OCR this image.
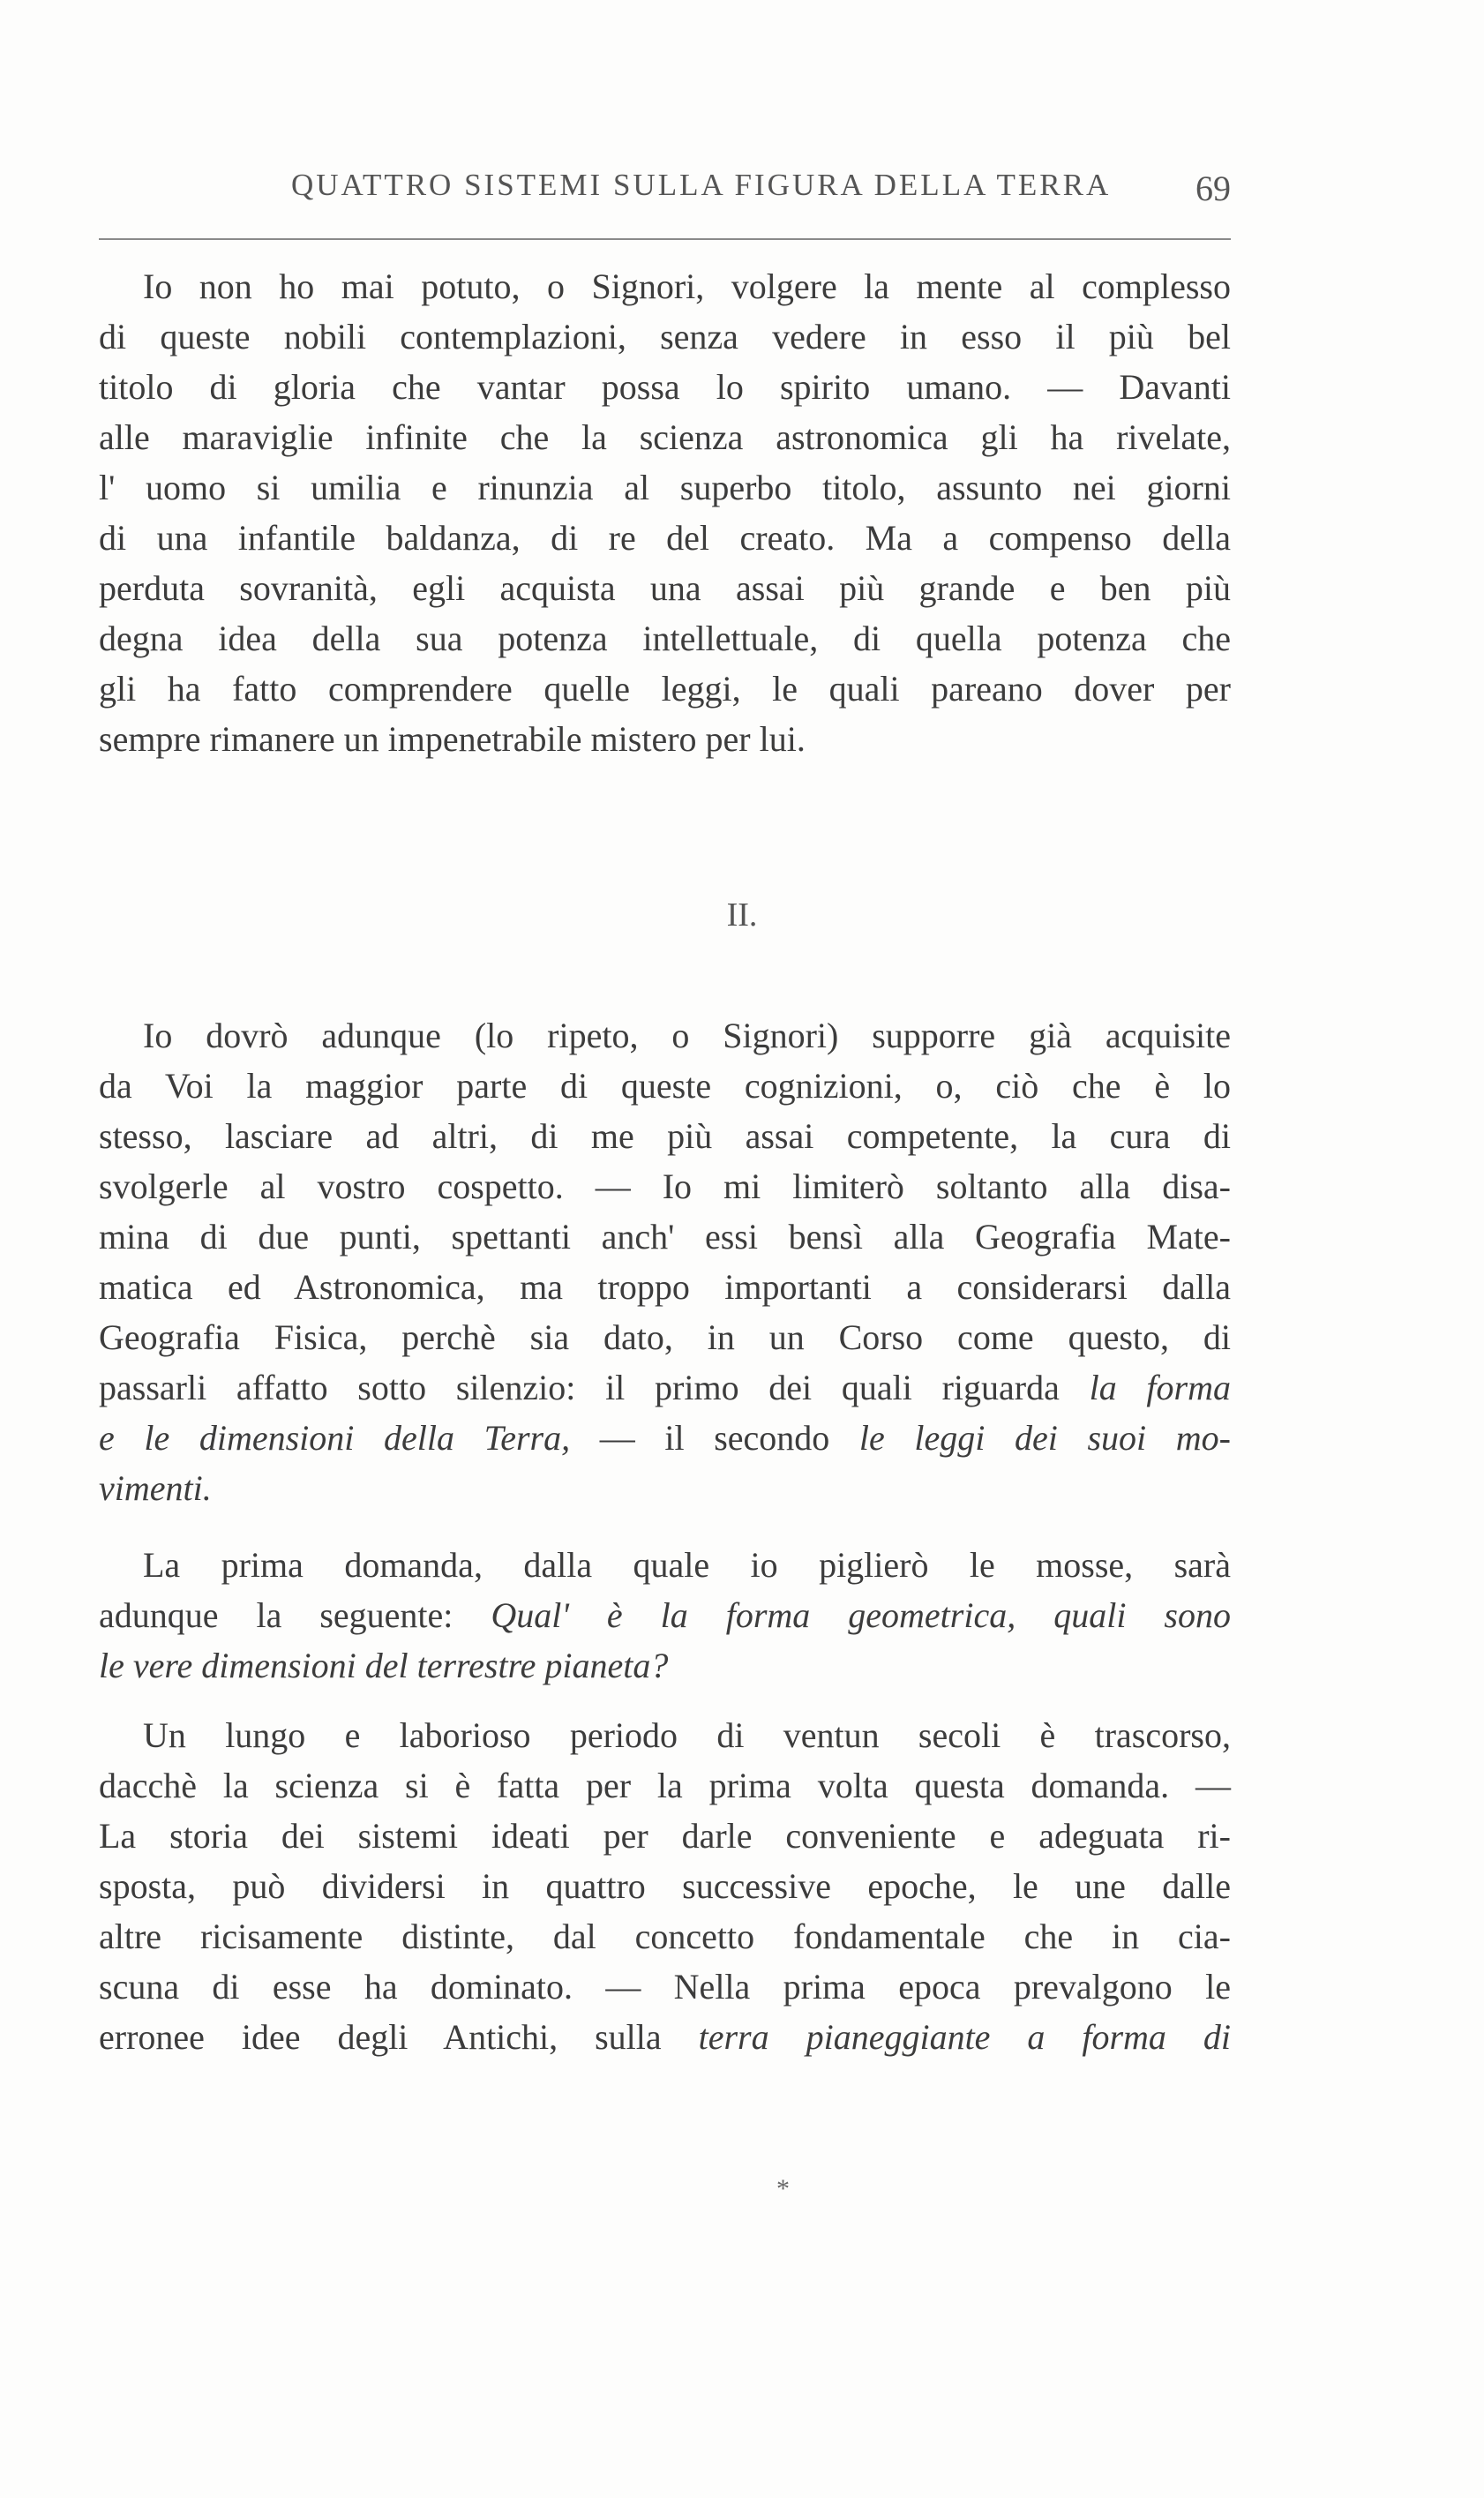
QUATTRO SISTEMI SULLA FIGURA DELLA TERRA 69

Io non ho mai potuto, o Signori, volgere la mente al complesso
di queste nobili contemplazioni, senza vedere in esso il più bel
titolo di gloria che vantar possa lo spirito umano. — Davanti
alle maraviglie infinite che la scienza astronomica gli ha rivelate,
l' uomo si umilia e rinunzia al superbo titolo, assunto nei giorni
di una infantile baldanza, di re del creato. Ma a compenso della
perduta sovranità, egli acquista una assai più grande e ben più
degna idea della sua potenza intellettuale, di quella potenza che
gli ha fatto comprendere quelle leggi, le quali pareano dover per
sempre rimanere un impenetrabile mistero per lui.

II.

Io dovrò adunque (lo ripeto, o Signori) supporre già acquisite
da Voi la maggior parte di queste cognizioni, o, ciò che è lo
stesso, lasciare ad altri, di me più assai competente, la cura di
svolgerle al vostro cospetto. — Io mi limiterò soltanto alla disa-
mina di due punti, spettanti anch' essi bensì alla Geografia Mate-
matica ed Astronomica, ma troppo importanti a considerarsi dalla
Geografia Fisica, perchè sia dato, in un Corso come questo, di
passarli affatto sotto silenzio: il primo dei quali riguarda la forma
e le dimensioni della Terra, — il secondo le leggi dei suoi mo-
vimenti.

La prima domanda, dalla quale io piglierò le mosse, sarà
adunque la seguente: Qual' è la forma geometrica, quali sono
le vere dimensioni del terrestre pianeta?

Un lungo e laborioso periodo di ventun secoli è trascorso,
dacchè la scienza si è fatta per la prima volta questa domanda. —
La storia dei sistemi ideati per darle conveniente e adeguata ri-
sposta, può dividersi in quattro successive epoche, le une dalle
altre ricisamente distinte, dal concetto fondamentale che in cia-
scuna di esse ha dominato. — Nella prima epoca prevalgono le
erronee idee degli Antichi, sulla terra pianeggiante a forma di

*
